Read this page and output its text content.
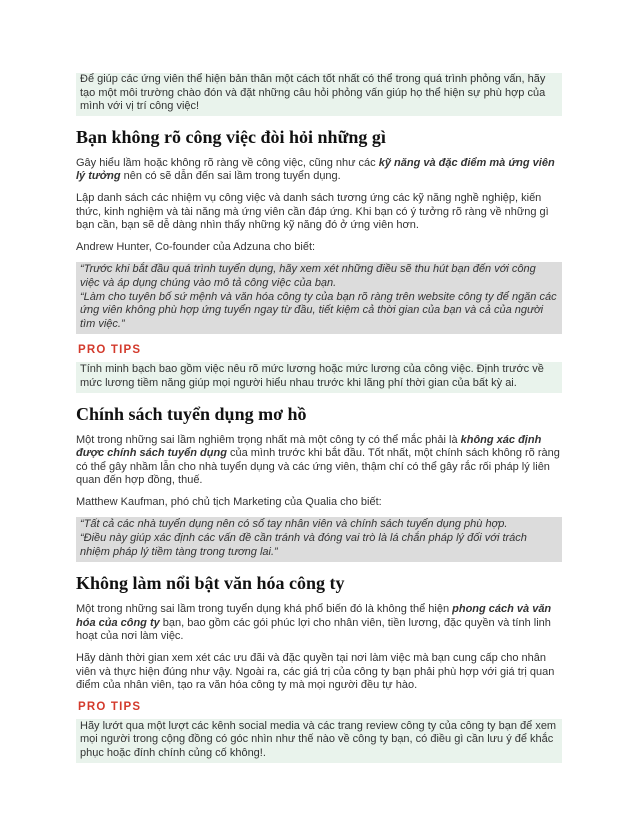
Để giúp các ứng viên thể hiện bản thân một cách tốt nhất có thể trong quá trình phỏng vấn, hãy tạo một môi trường chào đón và đặt những câu hỏi phỏng vấn giúp họ thể hiện sự phù hợp của mình với vị trí công việc!
Bạn không rõ công việc đòi hỏi những gì

Gây hiểu lầm hoặc không rõ ràng về công việc, cũng như các kỹ năng và đặc điểm mà ứng viên lý tưởng nên có sẽ dẫn đến sai lầm trong tuyển dụng.

Lập danh sách các nhiệm vụ công việc và danh sách tương ứng các kỹ năng nghề nghiệp, kiến thức, kinh nghiệm và tài năng mà ứng viên cần đáp ứng. Khi bạn có ý tưởng rõ ràng về những gì bạn cần, bạn sẽ dễ dàng nhìn thấy những kỹ năng đó ở ứng viên hơn.

Andrew Hunter, Co-founder của Adzuna cho biết:

“Trước khi bắt đầu quá trình tuyển dụng, hãy xem xét những điều sẽ thu hút bạn đến với công việc và áp dụng chúng vào mô tả công việc của bạn.
“Làm cho tuyên bố sứ mệnh và văn hóa công ty của bạn rõ ràng trên website công ty để ngăn các ứng viên không phù hợp ứng tuyển ngay từ đầu, tiết kiệm cả thời gian của bạn và cả của người tìm việc.”
PRO TIPS
Tính minh bạch bao gồm việc nêu rõ mức lương hoặc mức lương của công việc. Định trước về mức lương tiềm năng giúp mọi người hiểu nhau trước khi lãng phí thời gian của bất kỳ ai.
Chính sách tuyển dụng mơ hồ

Một trong những sai lầm nghiêm trọng nhất mà một công ty có thể mắc phải là không xác định được chính sách tuyển dụng của mình trước khi bắt đầu. Tốt nhất, một chính sách không rõ ràng có thể gây nhầm lẫn cho nhà tuyển dụng và các ứng viên, thậm chí có thể gây rắc rối pháp lý liên quan đến hợp đồng, thuế.

Matthew Kaufman, phó chủ tịch Marketing của Qualia cho biết:

“Tất cả các nhà tuyển dụng nên có sổ tay nhân viên và chính sách tuyển dụng phù hợp.
“Điều này giúp xác định các vấn đề cần tránh và đóng vai trò là lá chắn pháp lý đối với trách nhiệm pháp lý tiềm tàng trong tương lai.”
Không làm nổi bật văn hóa công ty

Một trong những sai lầm trong tuyển dụng khá phổ biến đó là không thể hiện phong cách và văn hóa của công ty bạn, bao gồm các gói phúc lợi cho nhân viên, tiền lương, đặc quyền và tính linh hoạt của nơi làm việc.

Hãy dành thời gian xem xét các ưu đãi và đặc quyền tại nơi làm việc mà bạn cung cấp cho nhân viên và thực hiện đúng như vậy. Ngoài ra, các giá trị của công ty bạn phải phù hợp với giá trị quan điểm của nhân viên, tạo ra văn hóa công ty mà mọi người đều tự hào.

PRO TIPS
Hãy lướt qua một lượt các kênh social media và các trang review công ty của công ty bạn để xem mọi người trong cộng đồng có góc nhìn như thế nào về công ty bạn, có điều gì cần lưu ý để khắc phục hoặc đính chính củng cố không!.
